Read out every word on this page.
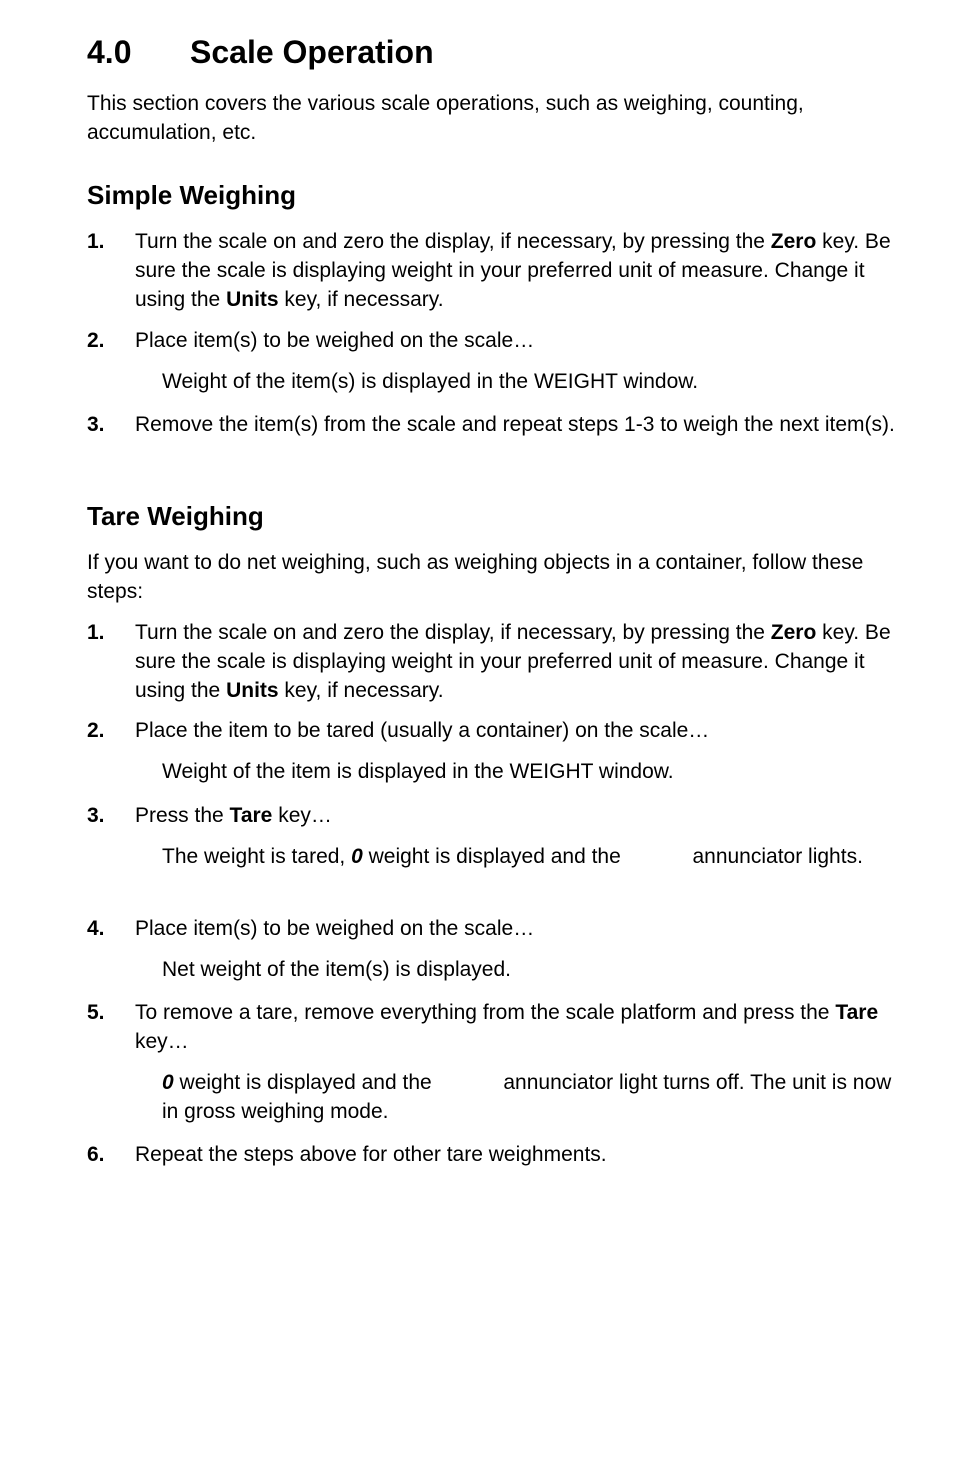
4.0 Scale Operation
This section covers the various scale operations, such as weighing, counting, accumulation, etc.
Simple Weighing
1. Turn the scale on and zero the display, if necessary, by pressing the Zero key. Be sure the scale is displaying weight in your preferred unit of measure. Change it using the Units key, if necessary.
2. Place item(s) to be weighed on the scale…
Weight of the item(s) is displayed in the WEIGHT window.
3. Remove the item(s) from the scale and repeat steps 1-3 to weigh the next item(s).
Tare Weighing
If you want to do net weighing, such as weighing objects in a container, follow these steps:
1. Turn the scale on and zero the display, if necessary, by pressing the Zero key. Be sure the scale is displaying weight in your preferred unit of measure. Change it using the Units key, if necessary.
2. Place the item to be tared (usually a container) on the scale…
Weight of the item is displayed in the WEIGHT window.
3. Press the Tare key…
The weight is tared, 0 weight is displayed and the	annunciator lights.
4. Place item(s) to be weighed on the scale…
Net weight of the item(s) is displayed.
5. To remove a tare, remove everything from the scale platform and press the Tare key…
0 weight is displayed and the	annunciator light turns off. The unit is now in gross weighing mode.
6. Repeat the steps above for other tare weighments.
